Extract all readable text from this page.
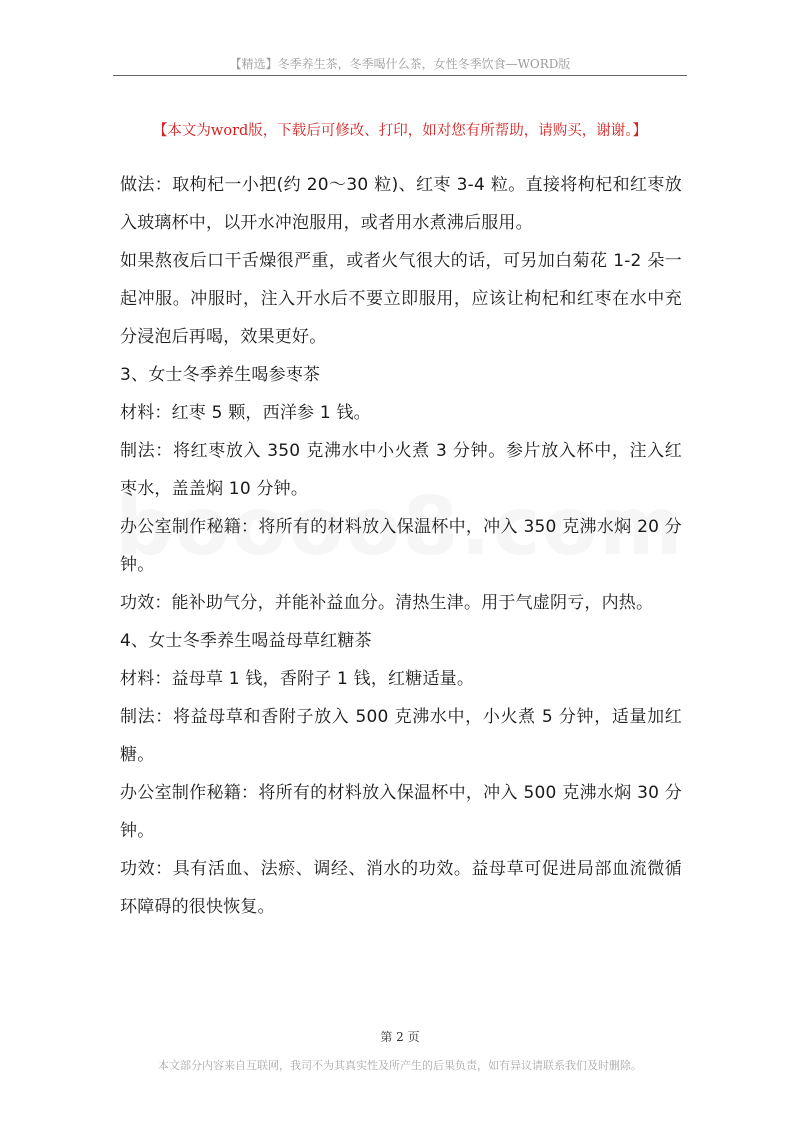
【精选】冬季养生茶，冬季喝什么茶，女性冬季饮食—WORD版
【本文为word版，下载后可修改、打印，如对您有所帮助，请购买，谢谢。】

做法：取枸杞一小把(约 20～30 粒)、红枣 3-4 粒。直接将枸杞和红枣放入玻璃杯中，以开水冲泡服用，或者用水煮沸后服用。

如果熬夜后口干舌燥很严重，或者火气很大的话，可另加白菊花 1-2 朵一起冲服。冲服时，注入开水后不要立即服用，应该让枸杞和红枣在水中充分浸泡后再喝，效果更好。

3、女士冬季养生喝参枣茶

材料：红枣 5 颗，西洋参 1 钱。

制法：将红枣放入 350 克沸水中小火煮 3 分钟。参片放入杯中，注入红枣水，盖盖焖 10 分钟。

办公室制作秘籍：将所有的材料放入保温杯中，冲入 350 克沸水焖 20 分钟。

功效：能补助气分，并能补益血分。清热生津。用于气虚阴亏，内热。

4、女士冬季养生喝益母草红糖茶

材料：益母草 1 钱，香附子 1 钱，红糖适量。

制法：将益母草和香附子放入 500 克沸水中，小火煮 5 分钟，适量加红糖。

办公室制作秘籍：将所有的材料放入保温杯中，冲入 500 克沸水焖 30 分钟。

功效：具有活血、法瘀、调经、消水的功效。益母草可促进局部血流微循环障碍的很快恢复。

第 2 页
本文部分内容来自互联网，我司不为其真实性及所产生的后果负责，如有异议请联系我们及时删除。
